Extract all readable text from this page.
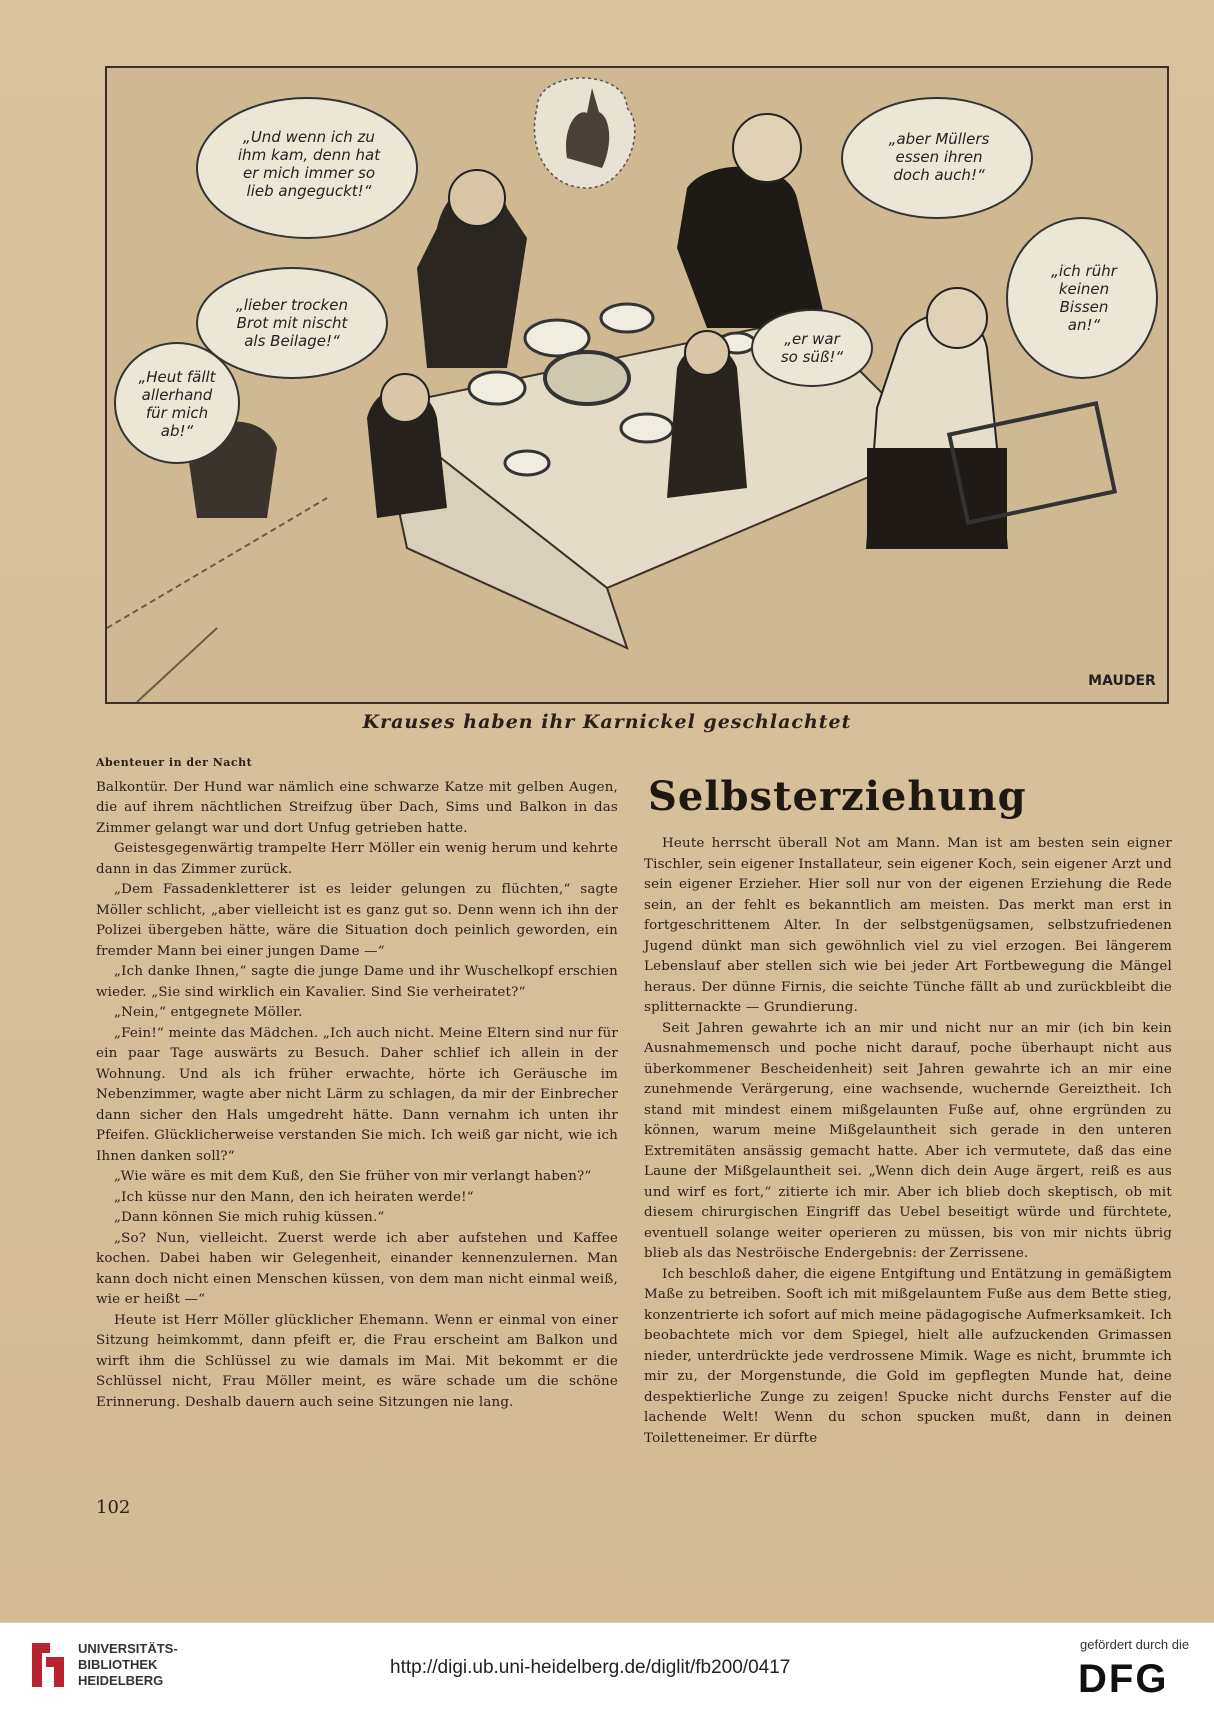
„Und wenn ich zu
ihm kam, denn hat
er mich immer so
lieb angeguckt!“
„aber Müllers
essen ihren
doch auch!“
„ich rühr
keinen
Bissen
an!“
„lieber trocken
Brot mit nischt
als Beilage!“
„Heut fällt
allerhand
für mich
ab!“
„er war
so süß!“
MAUDER
Krauses haben ihr Karnickel geschlachtet
Abenteuer in der Nacht

Balkontür. Der Hund war nämlich eine schwarze Katze mit gelben Augen, die auf ihrem nächtlichen Streifzug über Dach, Sims und Balkon in das Zimmer gelangt war und dort Unfug getrieben hatte.

Geistesgegenwärtig trampelte Herr Möller ein wenig herum und kehrte dann in das Zimmer zurück.

„Dem Fassadenkletterer ist es leider gelungen zu flüchten,“ sagte Möller schlicht, „aber vielleicht ist es ganz gut so. Denn wenn ich ihn der Polizei übergeben hätte, wäre die Situation doch peinlich geworden, ein fremder Mann bei einer jungen Dame —“

„Ich danke Ihnen,“ sagte die junge Dame und ihr Wuschelkopf erschien wieder. „Sie sind wirklich ein Kavalier. Sind Sie verheiratet?“

„Nein,“ entgegnete Möller.

„Fein!“ meinte das Mädchen. „Ich auch nicht. Meine Eltern sind nur für ein paar Tage auswärts zu Besuch. Daher schlief ich allein in der Wohnung. Und als ich früher erwachte, hörte ich Geräusche im Nebenzimmer, wagte aber nicht Lärm zu schlagen, da mir der Einbrecher dann sicher den Hals umgedreht hätte. Dann vernahm ich unten ihr Pfeifen. Glücklicherweise verstanden Sie mich. Ich weiß gar nicht, wie ich Ihnen danken soll?“

„Wie wäre es mit dem Kuß, den Sie früher von mir verlangt haben?“

„Ich küsse nur den Mann, den ich heiraten werde!“

„Dann können Sie mich ruhig küssen.“

„So? Nun, vielleicht. Zuerst werde ich aber aufstehen und Kaffee kochen. Dabei haben wir Gelegenheit, einander kennenzulernen. Man kann doch nicht einen Menschen küssen, von dem man nicht einmal weiß, wie er heißt —“

Heute ist Herr Möller glücklicher Ehemann. Wenn er einmal von einer Sitzung heimkommt, dann pfeift er, die Frau erscheint am Balkon und wirft ihm die Schlüssel zu wie damals im Mai. Mit bekommt er die Schlüssel nicht, Frau Möller meint, es wäre schade um die schöne Erinnerung. Deshalb dauern auch seine Sitzungen nie lang.

Selbsterziehung

Heute herrscht überall Not am Mann. Man ist am besten sein eigner Tischler, sein eigener Installateur, sein eigener Koch, sein eigener Arzt und sein eigener Erzieher. Hier soll nur von der eigenen Erziehung die Rede sein, an der fehlt es bekanntlich am meisten. Das merkt man erst in fortgeschrittenem Alter. In der selbstgenügsamen, selbstzufriedenen Jugend dünkt man sich gewöhnlich viel zu viel erzogen. Bei längerem Lebenslauf aber stellen sich wie bei jeder Art Fortbewegung die Mängel heraus. Der dünne Firnis, die seichte Tünche fällt ab und zurückbleibt die splitternackte — Grundierung.

Seit Jahren gewahrte ich an mir und nicht nur an mir (ich bin kein Ausnahmemensch und poche nicht darauf, poche überhaupt nicht aus überkommener Bescheidenheit) seit Jahren gewahrte ich an mir eine zunehmende Verärgerung, eine wachsende, wuchernde Gereiztheit. Ich stand mit mindest einem mißgelaunten Fuße auf, ohne ergründen zu können, warum meine Mißgelauntheit sich gerade in den unteren Extremitäten ansässig gemacht hatte. Aber ich vermutete, daß das eine Laune der Mißgelauntheit sei. „Wenn dich dein Auge ärgert, reiß es aus und wirf es fort,“ zitierte ich mir. Aber ich blieb doch skeptisch, ob mit diesem chirurgischen Eingriff das Uebel beseitigt würde und fürchtete, eventuell solange weiter operieren zu müssen, bis von mir nichts übrig blieb als das Neströische Endergebnis: der Zerrissene.

Ich beschloß daher, die eigene Entgiftung und Entätzung in gemäßigtem Maße zu betreiben. Sooft ich mit mißgelauntem Fuße aus dem Bette stieg, konzentrierte ich sofort auf mich meine pädagogische Aufmerksamkeit. Ich beobachtete mich vor dem Spiegel, hielt alle aufzuckenden Grimassen nieder, unterdrückte jede verdrossene Mimik. Wage es nicht, brummte ich mir zu, der Morgenstunde, die Gold im gepflegten Munde hat, deine despektierliche Zunge zu zeigen! Spucke nicht durchs Fenster auf die lachende Welt! Wenn du schon spucken mußt, dann in deinen Toiletteneimer. Er dürfte

102
UNIVERSITÄTS-
BIBLIOTHEK
HEIDELBERG
http://digi.ub.uni-heidelberg.de/diglit/fb200/0417
gefördert durch die
DFG
